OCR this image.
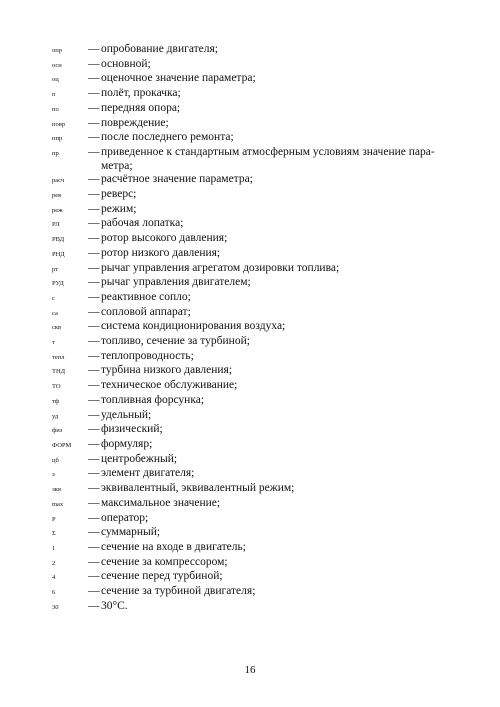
опр	— опробование двигателя;
осн	— основной;
оц	— оценочное значение параметра;
п	— полёт, прокачка;
по	— передняя опора;
повр	— повреждение;
ппр	— после последнего ремонта;
пр	— приведенное к стандартным атмосферным условиям значение пара-метра;
расч	— расчётное значение параметра;
рев	— реверс;
реж	— режим;
РЛ	— рабочая лопатка;
РВД	— ротор высокого давления;
РНД	— ротор низкого давления;
рт	— рычаг управления агрегатом дозировки топлива;
РУД	— рычаг управления двигателем;
с	— реактивное сопло;
са	— сопловой аппарат;
скв	— система кондиционирования воздуха;
т	— топливо, сечение за турбиной;
тепл	— теплопроводность;
ТНД	— турбина низкого давления;
ТО	— техническое обслуживание;
тф	— топливная форсунка;
уд	— удельный;
физ	— физический;
ФОРМ	— формуляр;
цб	— центробежный;
э	— элемент двигателя;
экв	— эквивалентный, эквивалентный режим;
max	— максимальное значение;
P	— оператор;
Σ	— суммарный;
1	— сечение на входе в двигатель;
2	— сечение за компрессором;
4	— сечение перед турбиной;
6	— сечение за турбиной двигателя;
30	— 30°С.
16
